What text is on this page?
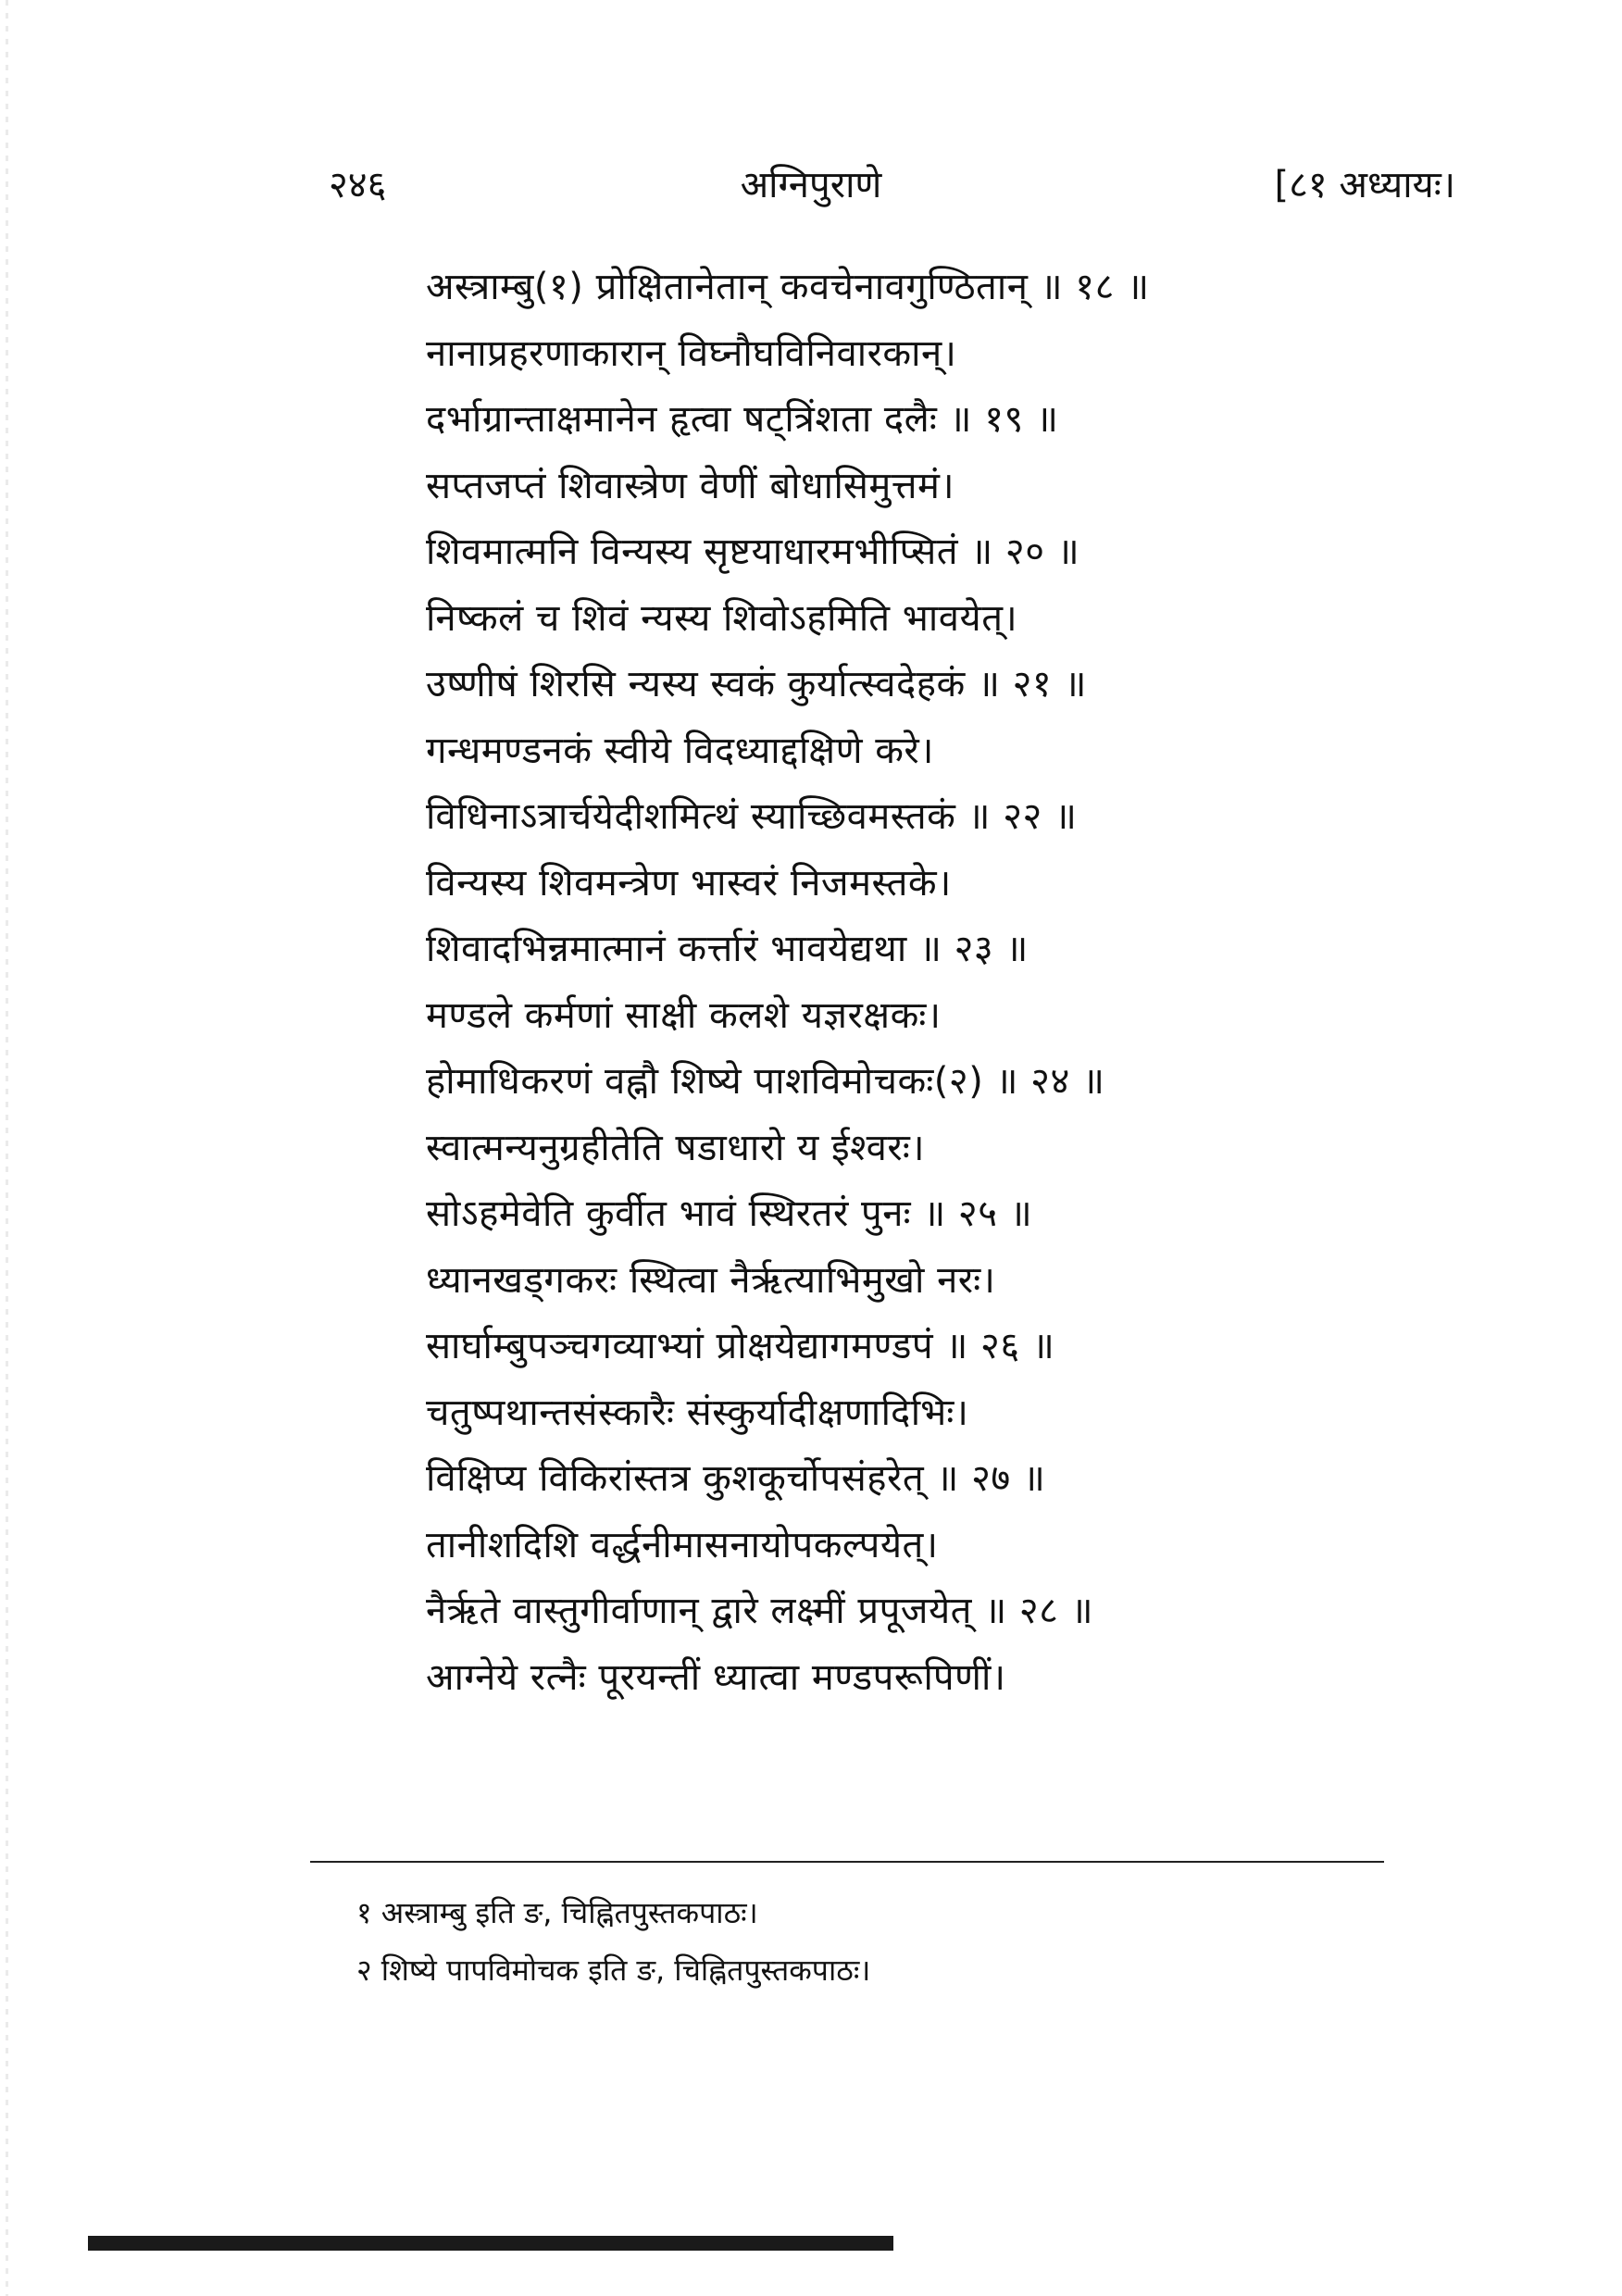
२४६	अग्निपुराणे	[८१ अध्यायः।
अस्त्राम्बु(१) प्रोक्षितानेतान् कवचेनावगुण्ठितान् ॥ १८ ॥
नानाप्रहरणाकारान् विघ्नौघविनिवारकान्।
दर्भाग्रान्ताक्षमानेन हृत्वा षट्त्रिंशता दलैः ॥ १९ ॥
सप्तजप्तं शिवास्त्रेण वेणीं बोधासिमुत्तमं।
शिवमात्मनि विन्यस्य सृष्टयाधारमभीप्सितं ॥ २० ॥
निष्कलं च शिवं न्यस्य शिवोऽहमिति भावयेत्।
उष्णीषं शिरसि न्यस्य स्वकं कुर्यात्स्वदेहकं ॥ २१ ॥
गन्धमण्डनकं स्वीये विदध्याद्दक्षिणे करे।
विधिनाऽत्रार्चयेदीशमित्थं स्याच्छिवमस्तकं ॥ २२ ॥
विन्यस्य शिवमन्त्रेण भास्वरं निजमस्तके।
शिवादभिन्नमात्मानं कर्त्तारं भावयेद्यथा ॥ २३ ॥
मण्डले कर्मणां साक्षी कलशे यज्ञरक्षकः।
होमाधिकरणं वह्नौ शिष्ये पाशविमोचकः(२) ॥ २४ ॥
स्वात्मन्यनुग्रहीतेति षडाधारो य ईश्वरः।
सोऽहमेवेति कुर्वीत भावं स्थिरतरं पुनः ॥ २५ ॥
ध्यानखड्गकरः स्थित्वा नैर्ऋत्याभिमुखो नरः।
सार्घाम्बुपञ्चगव्याभ्यां प्रोक्षयेद्यागमण्डपं ॥ २६ ॥
चतुष्पथान्तसंस्कारैः संस्कुर्यादीक्षणादिभिः।
विक्षिप्य विकिरांस्तत्र कुशकूर्चोपसंहरेत् ॥ २७ ॥
तानीशदिशि वर्द्धनीमासनायोपकल्पयेत्।
नैर्ऋते वास्तुगीर्वाणान् द्वारे लक्ष्मीं प्रपूजयेत् ॥ २८ ॥
आग्नेये रत्नैः पूरयन्तीं ध्यात्वा मण्डपरूपिणीं।
१ अस्त्राम्बु इति ङ, चिह्नितपुस्तकपाठः।
२ शिष्ये पापविमोचक इति ङ, चिह्नितपुस्तकपाठः।
